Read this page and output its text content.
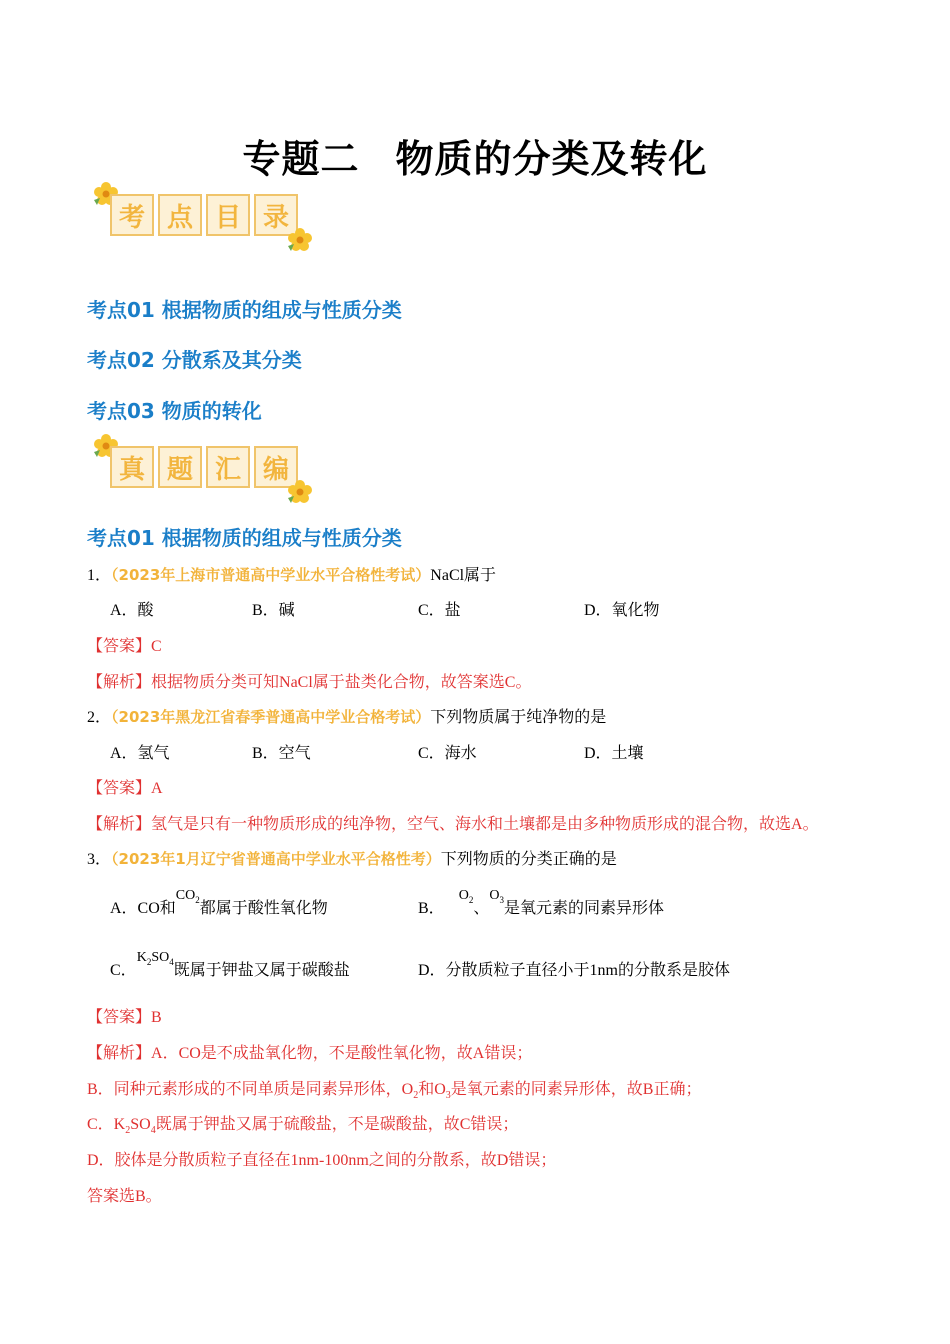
专题二 物质的分类及转化
考 点 目 录
考点01 根据物质的组成与性质分类
考点02 分散系及其分类
考点03 物质的转化
真 题 汇 编
考点01 根据物质的组成与性质分类
1．（2023年上海市普通高中学业水平合格性考试）NaCl属于
A．酸	B．碱	C．盐	D．氧化物
【答案】C
【解析】根据物质分类可知NaCl属于盐类化合物，故答案选C。
2．（2023年黑龙江省春季普通高中学业合格考试）下列物质属于纯净物的是
A．氢气	B．空气	C．海水	D．土壤
【答案】A
【解析】氢气是只有一种物质形成的纯净物，空气、海水和土壤都是由多种物质形成的混合物，故选A。
3．（2023年1月辽宁省普通高中学业水平合格性考）下列物质的分类正确的是
A．CO和$CO_2$都属于酸性氧化物	B．$O_2$、$O_3$是氧元素的同素异形体
C．$K_2SO_4$既属于钾盐又属于碳酸盐	D．分散质粒子直径小于1nm的分散系是胶体
【答案】B
【解析】A．CO是不成盐氧化物，不是酸性氧化物，故A错误；
B．同种元素形成的不同单质是同素异形体，$O_2$和$O_3$是氧元素的同素异形体，故B正确；
C．$K_2SO_4$既属于钾盐又属于硫酸盐，不是碳酸盐，故C错误；
D．胶体是分散质粒子直径在1nm-100nm之间的分散系，故D错误；
答案选B。
